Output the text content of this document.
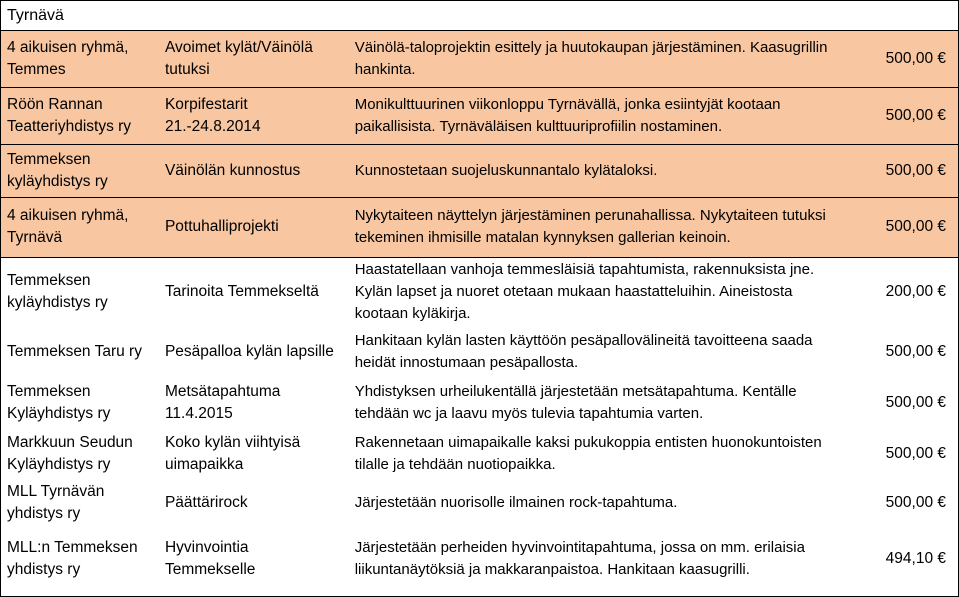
Tyrnävä
4 aikuisen ryhmä, Temmes	Avoimet kylät/Väinölä tutuksi	Väinölä-taloprojektin esittely ja huutokaupan järjestäminen. Kaasugrillin hankinta.	500,00 €
Röön Rannan Teatteriyhdistys ry	Korpifestarit 21.-24.8.2014	Monikulttuurinen viikonloppu Tyrnävällä, jonka esiintyjät kootaan paikallisista. Tyrnäväläisen kulttuuriprofiilin nostaminen.	500,00 €
Temmeksen kyläyhdistys ry	Väinölän kunnostus	Kunnostetaan suojeluskunnantalo kylätaloksi.	500,00 €
4 aikuisen ryhmä, Tyrnävä	Pottuhalliprojekti	Nykytaiteen näyttelyn järjestäminen perunahallissa. Nykytaiteen tutuksi tekeminen ihmisille matalan kynnyksen gallerian keinoin.	500,00 €
Temmeksen kyläyhdistys ry	Tarinoita Temmekseltä	Haastatellaan vanhoja temmesläisiä tapahtumista, rakennuksista jne. Kylän lapset ja nuoret otetaan mukaan haastatteluihin. Aineistosta kootaan kyläkirja.	200,00 €
Temmeksen Taru ry	Pesäpalloa kylän lapsille	Hankitaan kylän lasten käyttöön pesäpallovälineitä tavoitteena saada heidät innostumaan pesäpallosta.	500,00 €
Temmeksen Kyläyhdistys ry	Metsätapahtuma 11.4.2015	Yhdistyksen urheilukentällä järjestetään metsätapahtuma. Kentälle tehdään wc ja laavu myös tulevia tapahtumia varten.	500,00 €
Markkuun Seudun Kyläyhdistys ry	Koko kylän viihtyisä uimapaikka	Rakennetaan uimapaikalle kaksi pukukoppia entisten huonokuntoisten tilalle ja tehdään nuotiopaikka.	500,00 €
MLL Tyrnävän yhdistys ry	Päättärirock	Järjestetään nuorisolle ilmainen rock-tapahtuma.	500,00 €
MLL:n Temmeksen yhdistys ry	Hyvinvointia Temmekselle	Järjestetään perheiden hyvinvointitapahtuma, jossa on mm. erilaisia liikuntanäytöksiä ja makkaranpaistoa. Hankitaan kaasugrilli.	494,10 €
